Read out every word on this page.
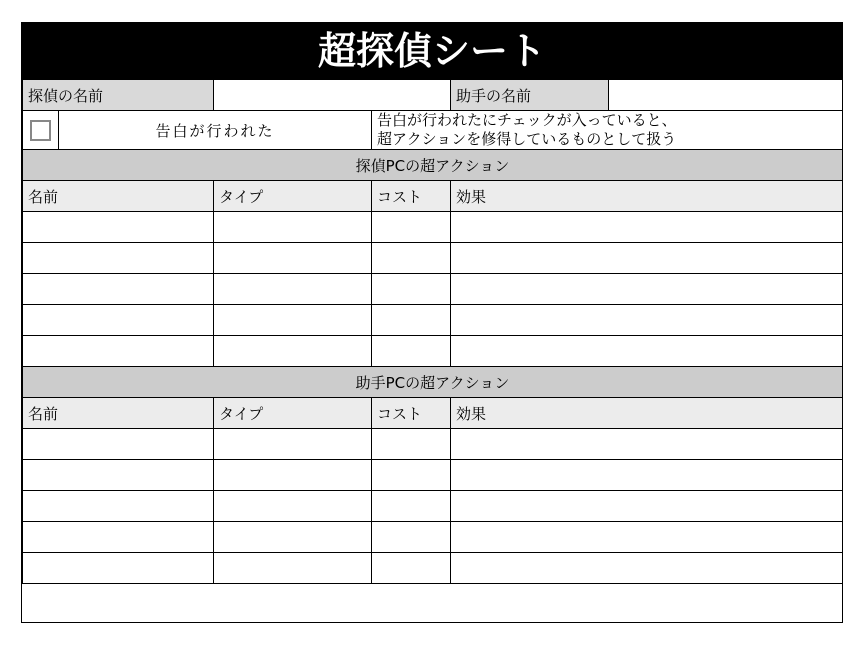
超探偵シート
探偵の名前				助手の名前	
	告白が行われた		告白が行われたにチェックが入っていると、
超アクションを修得しているものとして扱う		

探偵PCの超アクション					
名前		タイプ	コスト	効果	

助手PCの超アクション					
名前		タイプ	コスト	効果	
